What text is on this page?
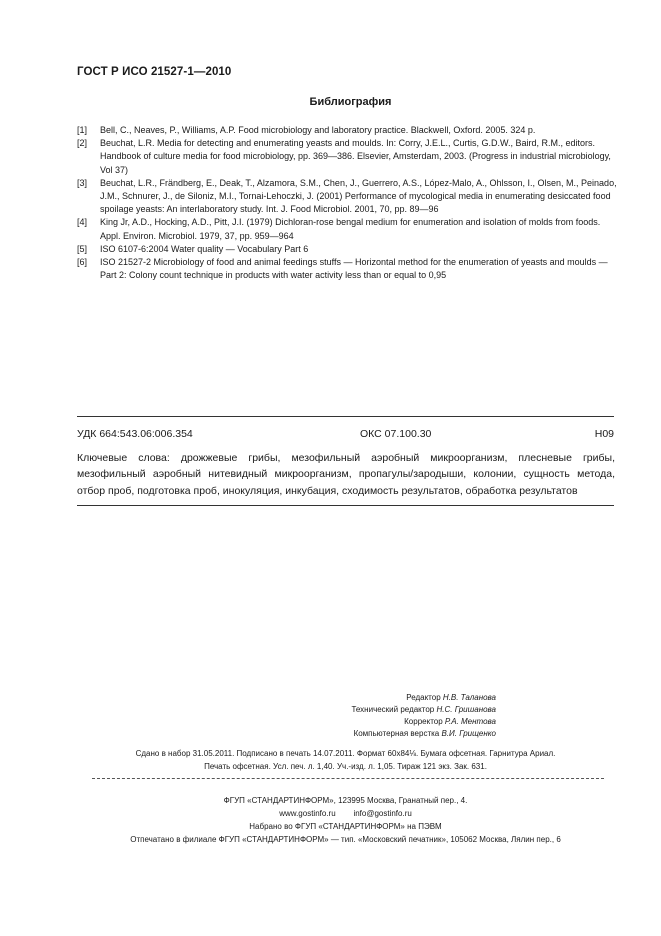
ГОСТ Р ИСО 21527-1—2010
Библиография
[1]	Bell, C., Neaves, P., Williams, A.P. Food microbiology and laboratory practice. Blackwell, Oxford. 2005. 324 p.
[2]	Beuchat, L.R. Media for detecting and enumerating yeasts and moulds. In: Corry, J.E.L., Curtis, G.D.W., Baird, R.M., editors. Handbook of culture media for food microbiology, pp. 369—386. Elsevier, Amsterdam, 2003. (Progress in industrial microbiology, Vol 37)
[3]	Beuchat, L.R., Frändberg, E., Deak, T., Alzamora, S.M., Chen, J., Guerrero, A.S., López-Malo, A., Ohlsson, I., Olsen, M., Peinado, J.M., Schnurer, J., de Siloniz, M.I., Tornai-Lehoczki, J. (2001) Performance of mycological media in enumerating desiccated food spoilage yeasts: An interlaboratory study. Int. J. Food Microbiol. 2001, 70, pp. 89—96
[4]	King Jr, A.D., Hocking, A.D., Pitt, J.I. (1979) Dichloran-rose bengal medium for enumeration and isolation of molds from foods. Appl. Environ. Microbiol. 1979, 37, pp. 959—964
[5]	ISO 6107-6:2004 Water quality — Vocabulary Part 6
[6]	ISO 21527-2 Microbiology of food and animal feedings stuffs — Horizontal method for the enumeration of yeasts and moulds — Part 2: Colony count technique in products with water activity less than or equal to 0,95
УДК 664:543.06:006.354	ОКС 07.100.30	Н09
Ключевые слова: дрожжевые грибы, мезофильный аэробный микроорганизм, плесневые грибы, мезофильный аэробный нитевидный микроорганизм, пропагулы/зародыши, колонии, сущность метода, отбор проб, подготовка проб, инокуляция, инкубация, сходимость результатов, обработка результатов
Редактор Н.В. Таланова
Технический редактор Н.С. Гришанова
Корректор Р.А. Ментова
Компьютерная верстка В.И. Грищенко
Сдано в набор 31.05.2011. Подписано в печать 14.07.2011. Формат 60x84⅛. Бумага офсетная. Гарнитура Ариал.
Печать офсетная. Усл. печ. л. 1,40. Уч.-изд. л. 1,05. Тираж 121 экз. Зак. 631.
ФГУП «СТАНДАРТИНФОРМ», 123995 Москва, Гранатный пер., 4.
www.gostinfo.ru info@gostinfo.ru
Набрано во ФГУП «СТАНДАРТИНФОРМ» на ПЭВМ
Отпечатано в филиале ФГУП «СТАНДАРТИНФОРМ» — тип. «Московский печатник», 105062 Москва, Лялин пер., 6
